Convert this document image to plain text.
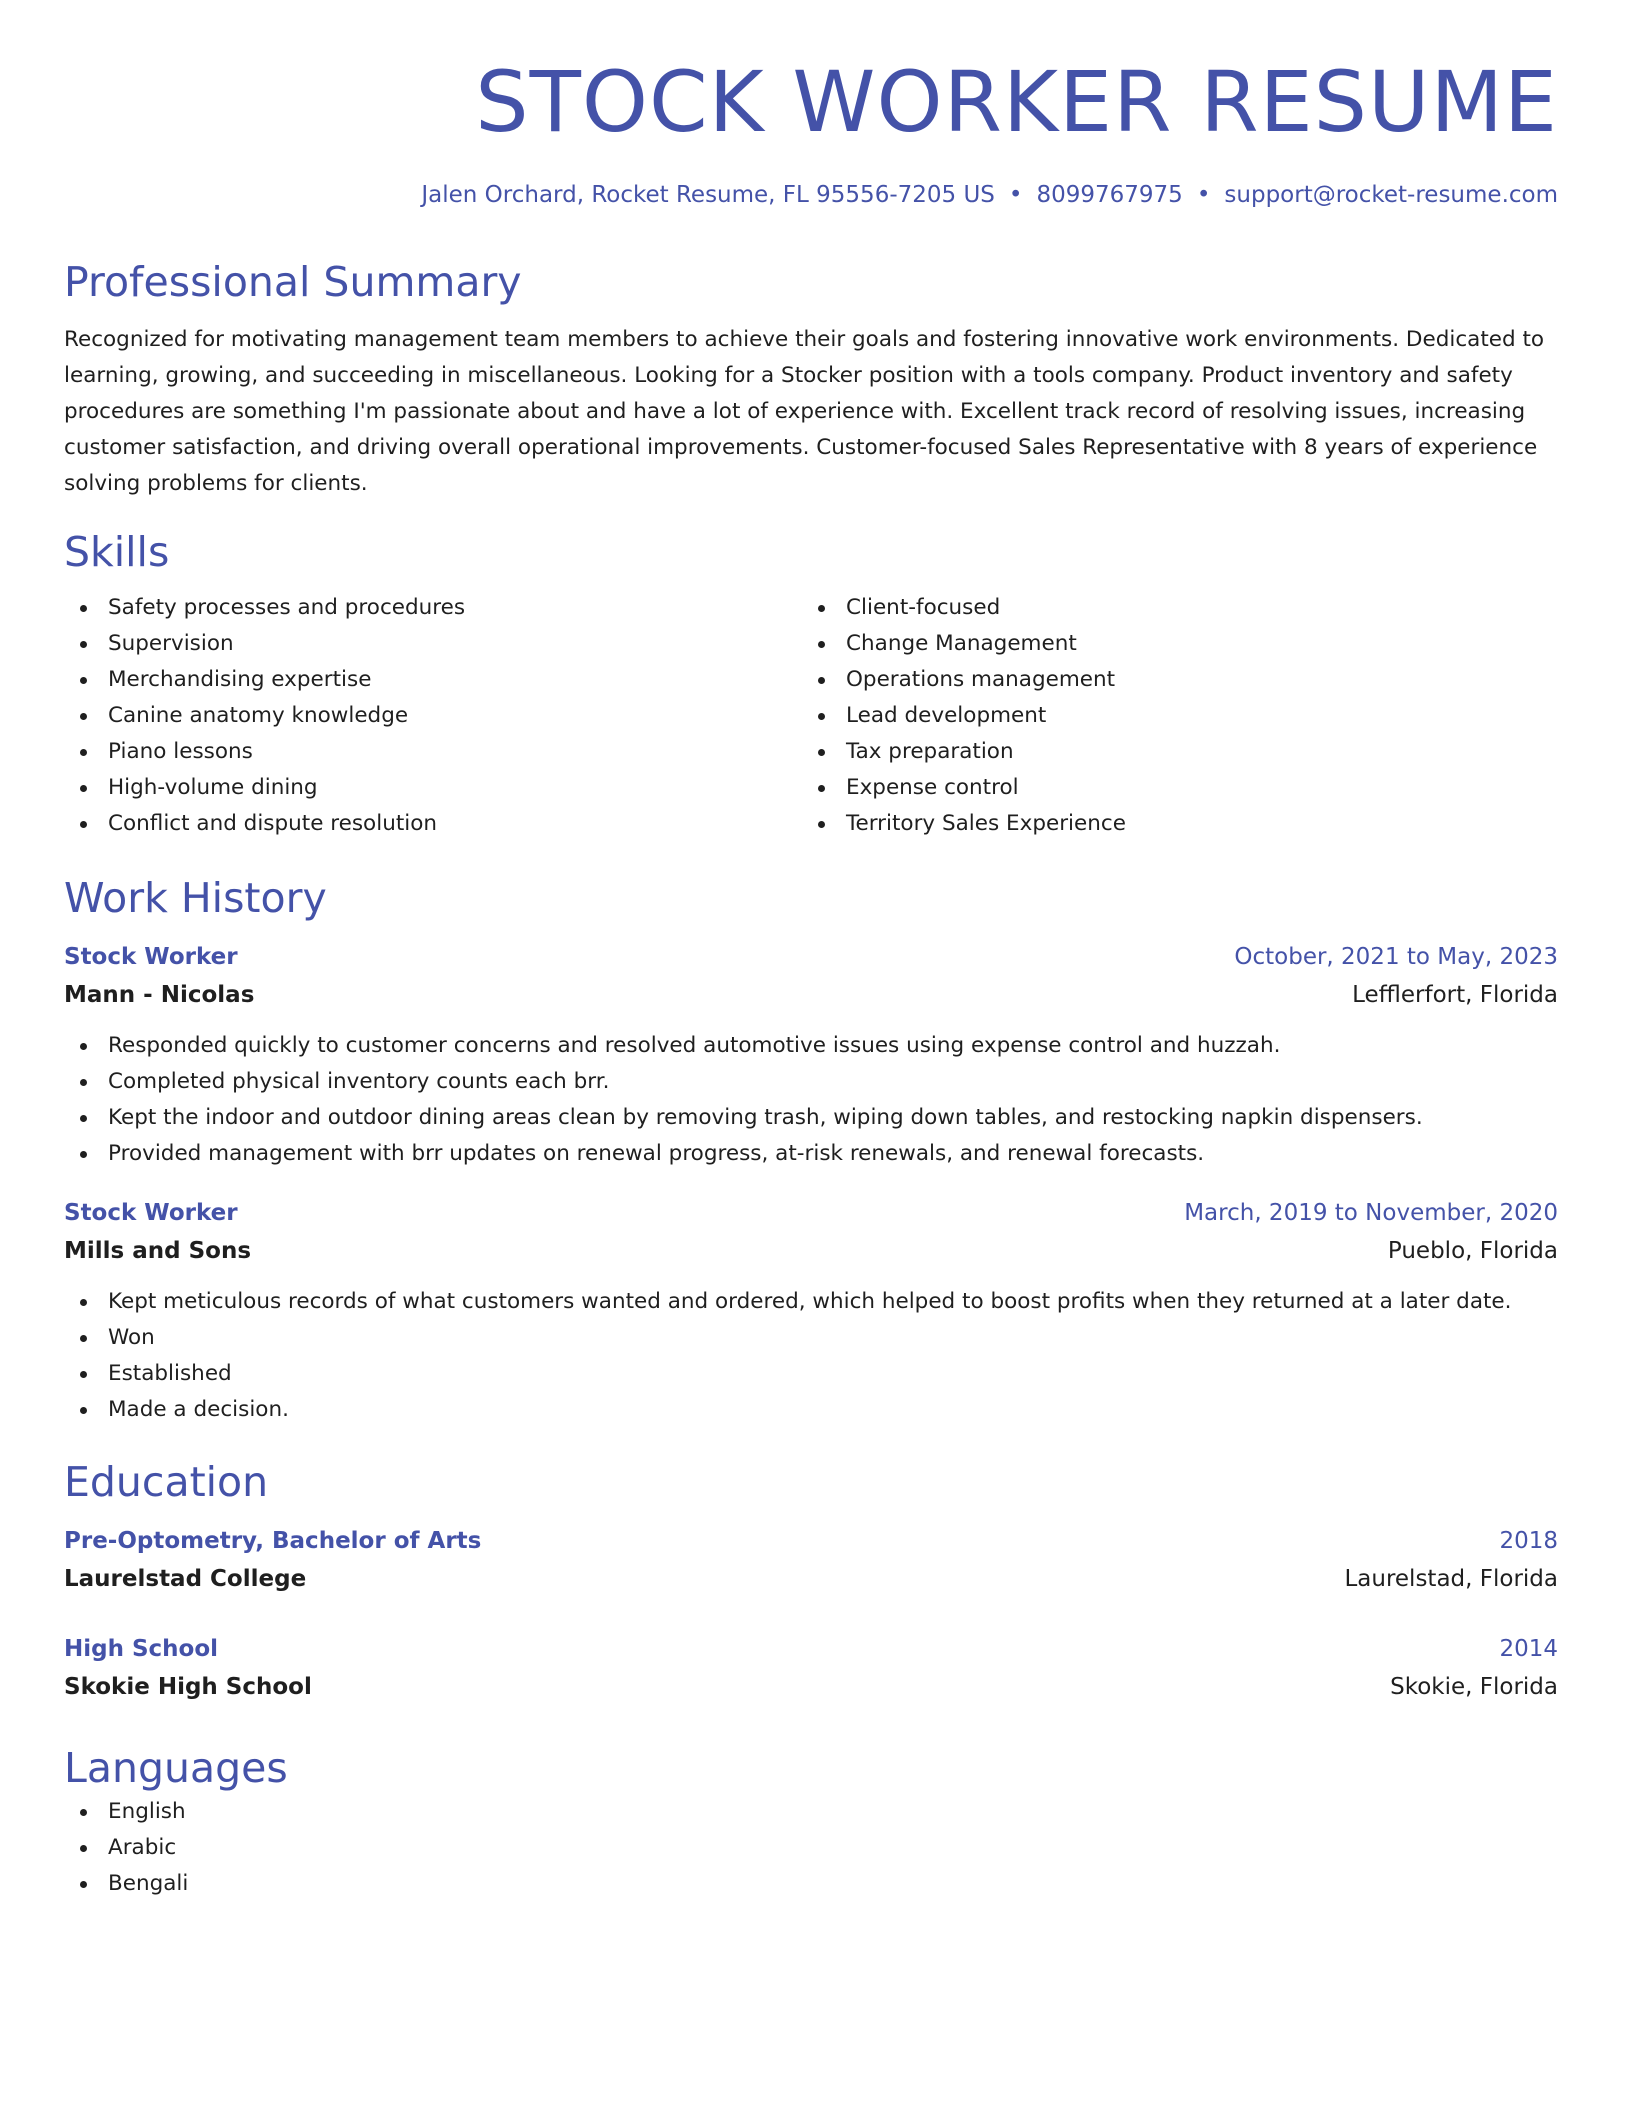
STOCK WORKER RESUME
Jalen Orchard, Rocket Resume, FL 95556-7205 US • 8099767975 • support@rocket-resume.com
Professional Summary
Recognized for motivating management team members to achieve their goals and fostering innovative work environments. Dedicated to learning, growing, and succeeding in miscellaneous. Looking for a Stocker position with a tools company. Product inventory and safety procedures are something I'm passionate about and have a lot of experience with. Excellent track record of resolving issues, increasing customer satisfaction, and driving overall operational improvements. Customer-focused Sales Representative with 8 years of experience solving problems for clients.
Skills
Safety processes and procedures
Supervision
Merchandising expertise
Canine anatomy knowledge
Piano lessons
High-volume dining
Conflict and dispute resolution
Client-focused
Change Management
Operations management
Lead development
Tax preparation
Expense control
Territory Sales Experience
Work History
Stock Worker	October, 2021 to May, 2023
Mann - Nicolas	Lefflerfort, Florida
Responded quickly to customer concerns and resolved automotive issues using expense control and huzzah.
Completed physical inventory counts each brr.
Kept the indoor and outdoor dining areas clean by removing trash, wiping down tables, and restocking napkin dispensers.
Provided management with brr updates on renewal progress, at-risk renewals, and renewal forecasts.
Stock Worker	March, 2019 to November, 2020
Mills and Sons	Pueblo, Florida
Kept meticulous records of what customers wanted and ordered, which helped to boost profits when they returned at a later date.
Won
Established
Made a decision.
Education
Pre-Optometry, Bachelor of Arts	2018
Laurelstad College	Laurelstad, Florida
High School	2014
Skokie High School	Skokie, Florida
Languages
English
Arabic
Bengali
